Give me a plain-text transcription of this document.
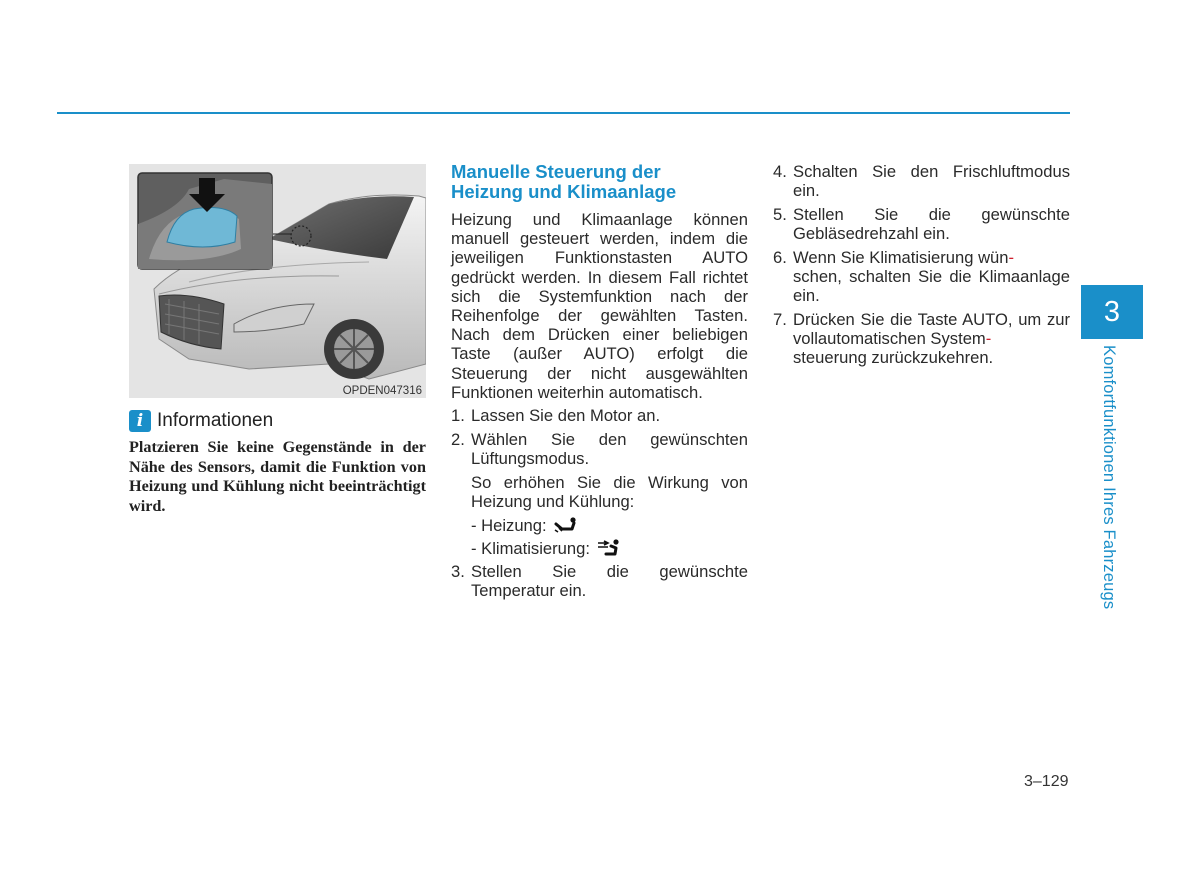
OPDEN047316
i Informationen
Platzieren Sie keine Gegenstände in der Nähe des Sensors, damit die Funktion von Heizung und Kühlung nicht beeinträchtigt wird.
Manuelle Steuerung der
Heizung und Klimaanlage
Heizung und Klimaanlage können manuell gesteuert werden, indem die jeweiligen Funktionstasten AUTO gedrückt werden. In diesem Fall richtet sich die Systemfunktion nach der Reihenfolge der gewählten Tasten. Nach dem Drücken einer beliebigen Taste (außer AUTO) erfolgt die Steuerung der nicht ausgewählten Funktionen weiterhin automatisch.
1. Lassen Sie den Motor an.
2. Wählen Sie den gewünschten Lüftungsmodus.
So erhöhen Sie die Wirkung von Heizung und Kühlung:
- Heizung:
- Klimatisierung:
3. Stellen Sie die gewünschte Temperatur ein.
4. Schalten Sie den Frischluftmodus ein.
5. Stellen Sie die gewünschte Gebläsedrehzahl ein.
6. Wenn Sie Klimatisierung wün-
schen, schalten Sie die Klimaanlage ein.
7. Drücken Sie die Taste AUTO, um zur vollautomatischen System-
steuerung zurückzukehren.
3
Komfortfunktionen Ihres Fahrzeugs
3–129
